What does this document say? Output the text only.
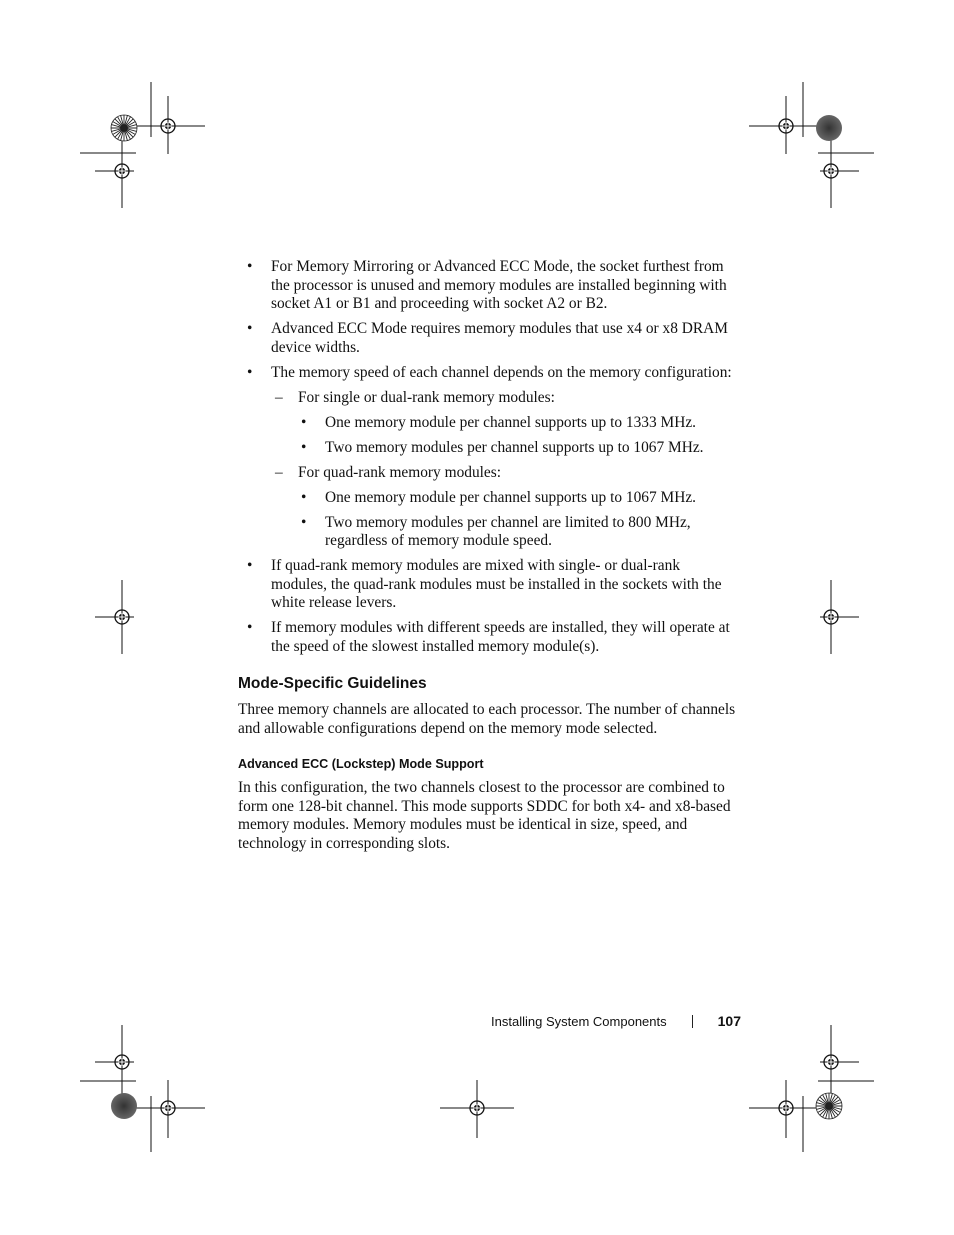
• For Memory Mirroring or Advanced ECC Mode, the socket furthest from the processor is unused and memory modules are installed beginning with socket A1 or B1 and proceeding with socket A2 or B2.
• Advanced ECC Mode requires memory modules that use x4 or x8 DRAM device widths.
• The memory speed of each channel depends on the memory configuration:
– For single or dual-rank memory modules:
• One memory module per channel supports up to 1333 MHz.
• Two memory modules per channel supports up to 1067 MHz.
– For quad-rank memory modules:
• One memory module per channel supports up to 1067 MHz.
• Two memory modules per channel are limited to 800 MHz, regardless of memory module speed.
• If quad-rank memory modules are mixed with single- or dual-rank modules, the quad-rank modules must be installed in the sockets with the white release levers.
• If memory modules with different speeds are installed, they will operate at the speed of the slowest installed memory module(s).
Mode-Specific Guidelines

Three memory channels are allocated to each processor. The number of channels and allowable configurations depend on the memory mode selected.

Advanced ECC (Lockstep) Mode Support

In this configuration, the two channels closest to the processor are combined to form one 128-bit channel. This mode supports SDDC for both x4- and x8-based memory modules. Memory modules must be identical in size, speed, and technology in corresponding slots.

Installing System Components	107
